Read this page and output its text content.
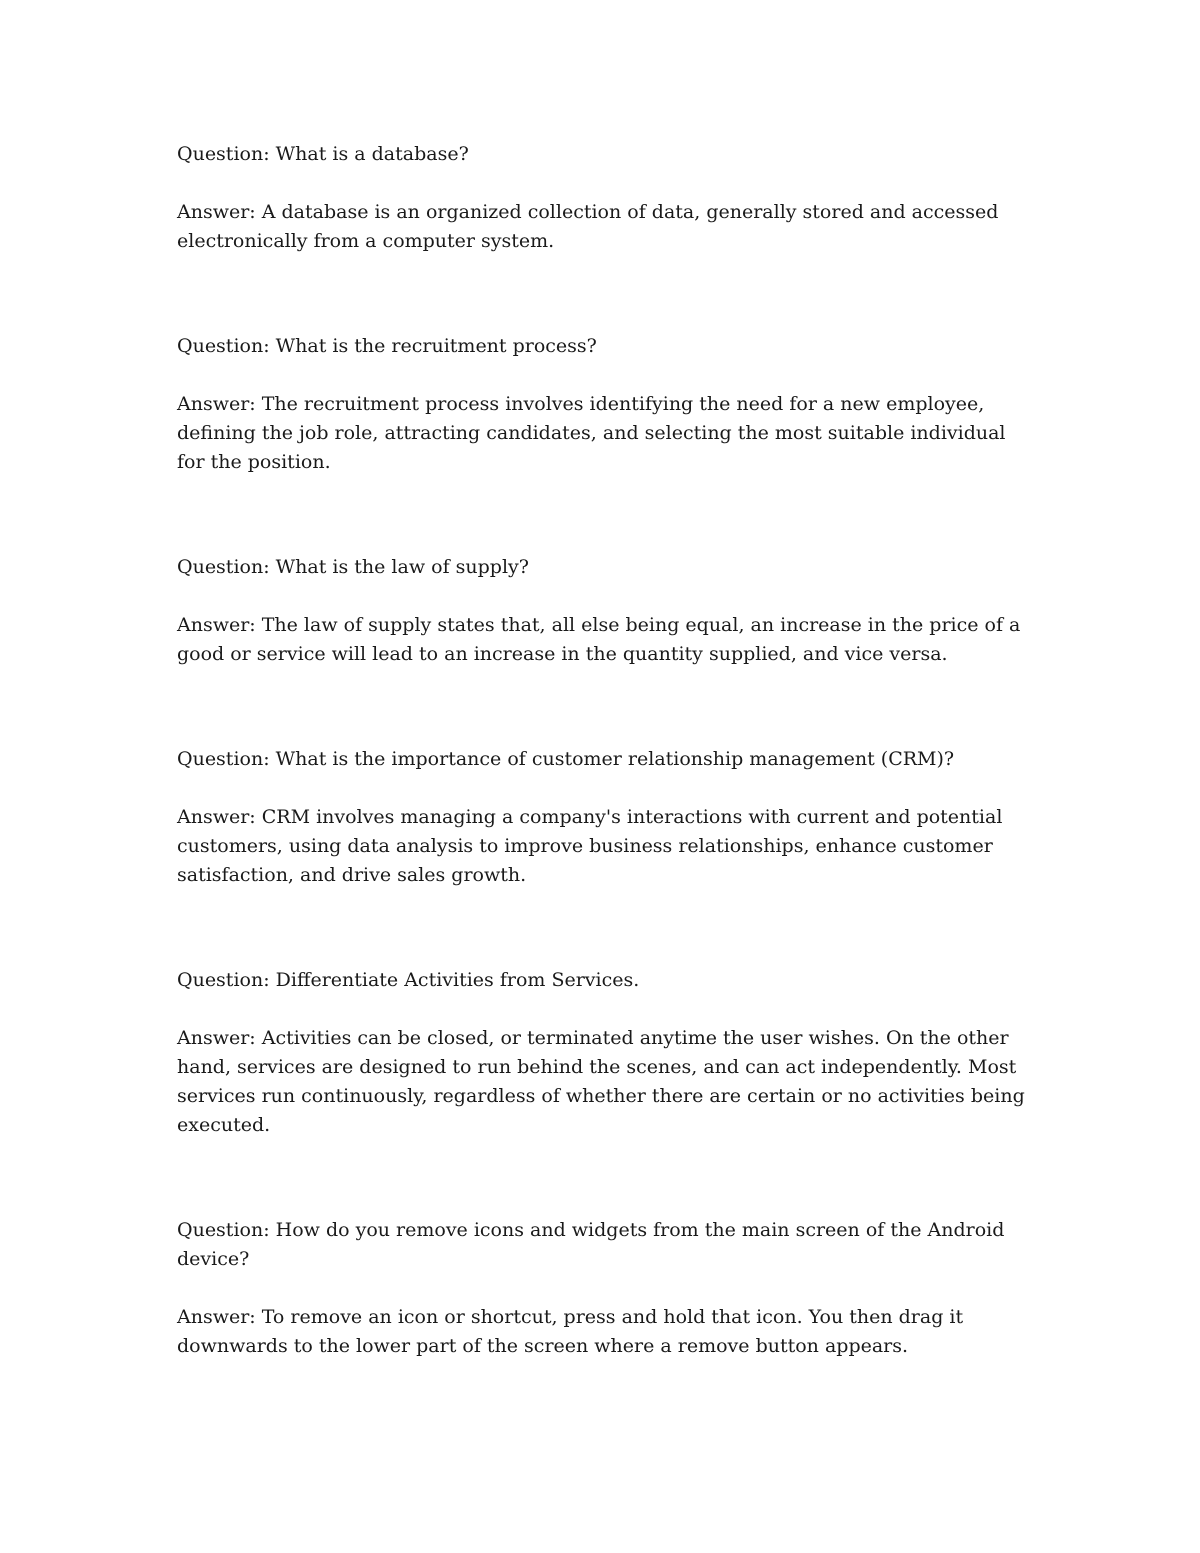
Question: What is a database?

Answer: A database is an organized collection of data, generally stored and accessed electronically from a computer system.

Question: What is the recruitment process?

Answer: The recruitment process involves identifying the need for a new employee, defining the job role, attracting candidates, and selecting the most suitable individual for the position.

Question: What is the law of supply?

Answer: The law of supply states that, all else being equal, an increase in the price of a good or service will lead to an increase in the quantity supplied, and vice versa.

Question: What is the importance of customer relationship management (CRM)?

Answer: CRM involves managing a company's interactions with current and potential customers, using data analysis to improve business relationships, enhance customer satisfaction, and drive sales growth.

Question: Differentiate Activities from Services.

Answer: Activities can be closed, or terminated anytime the user wishes. On the other hand, services are designed to run behind the scenes, and can act independently. Most services run continuously, regardless of whether there are certain or no activities being executed.

Question: How do you remove icons and widgets from the main screen of the Android device?

Answer: To remove an icon or shortcut, press and hold that icon. You then drag it downwards to the lower part of the screen where a remove button appears.
